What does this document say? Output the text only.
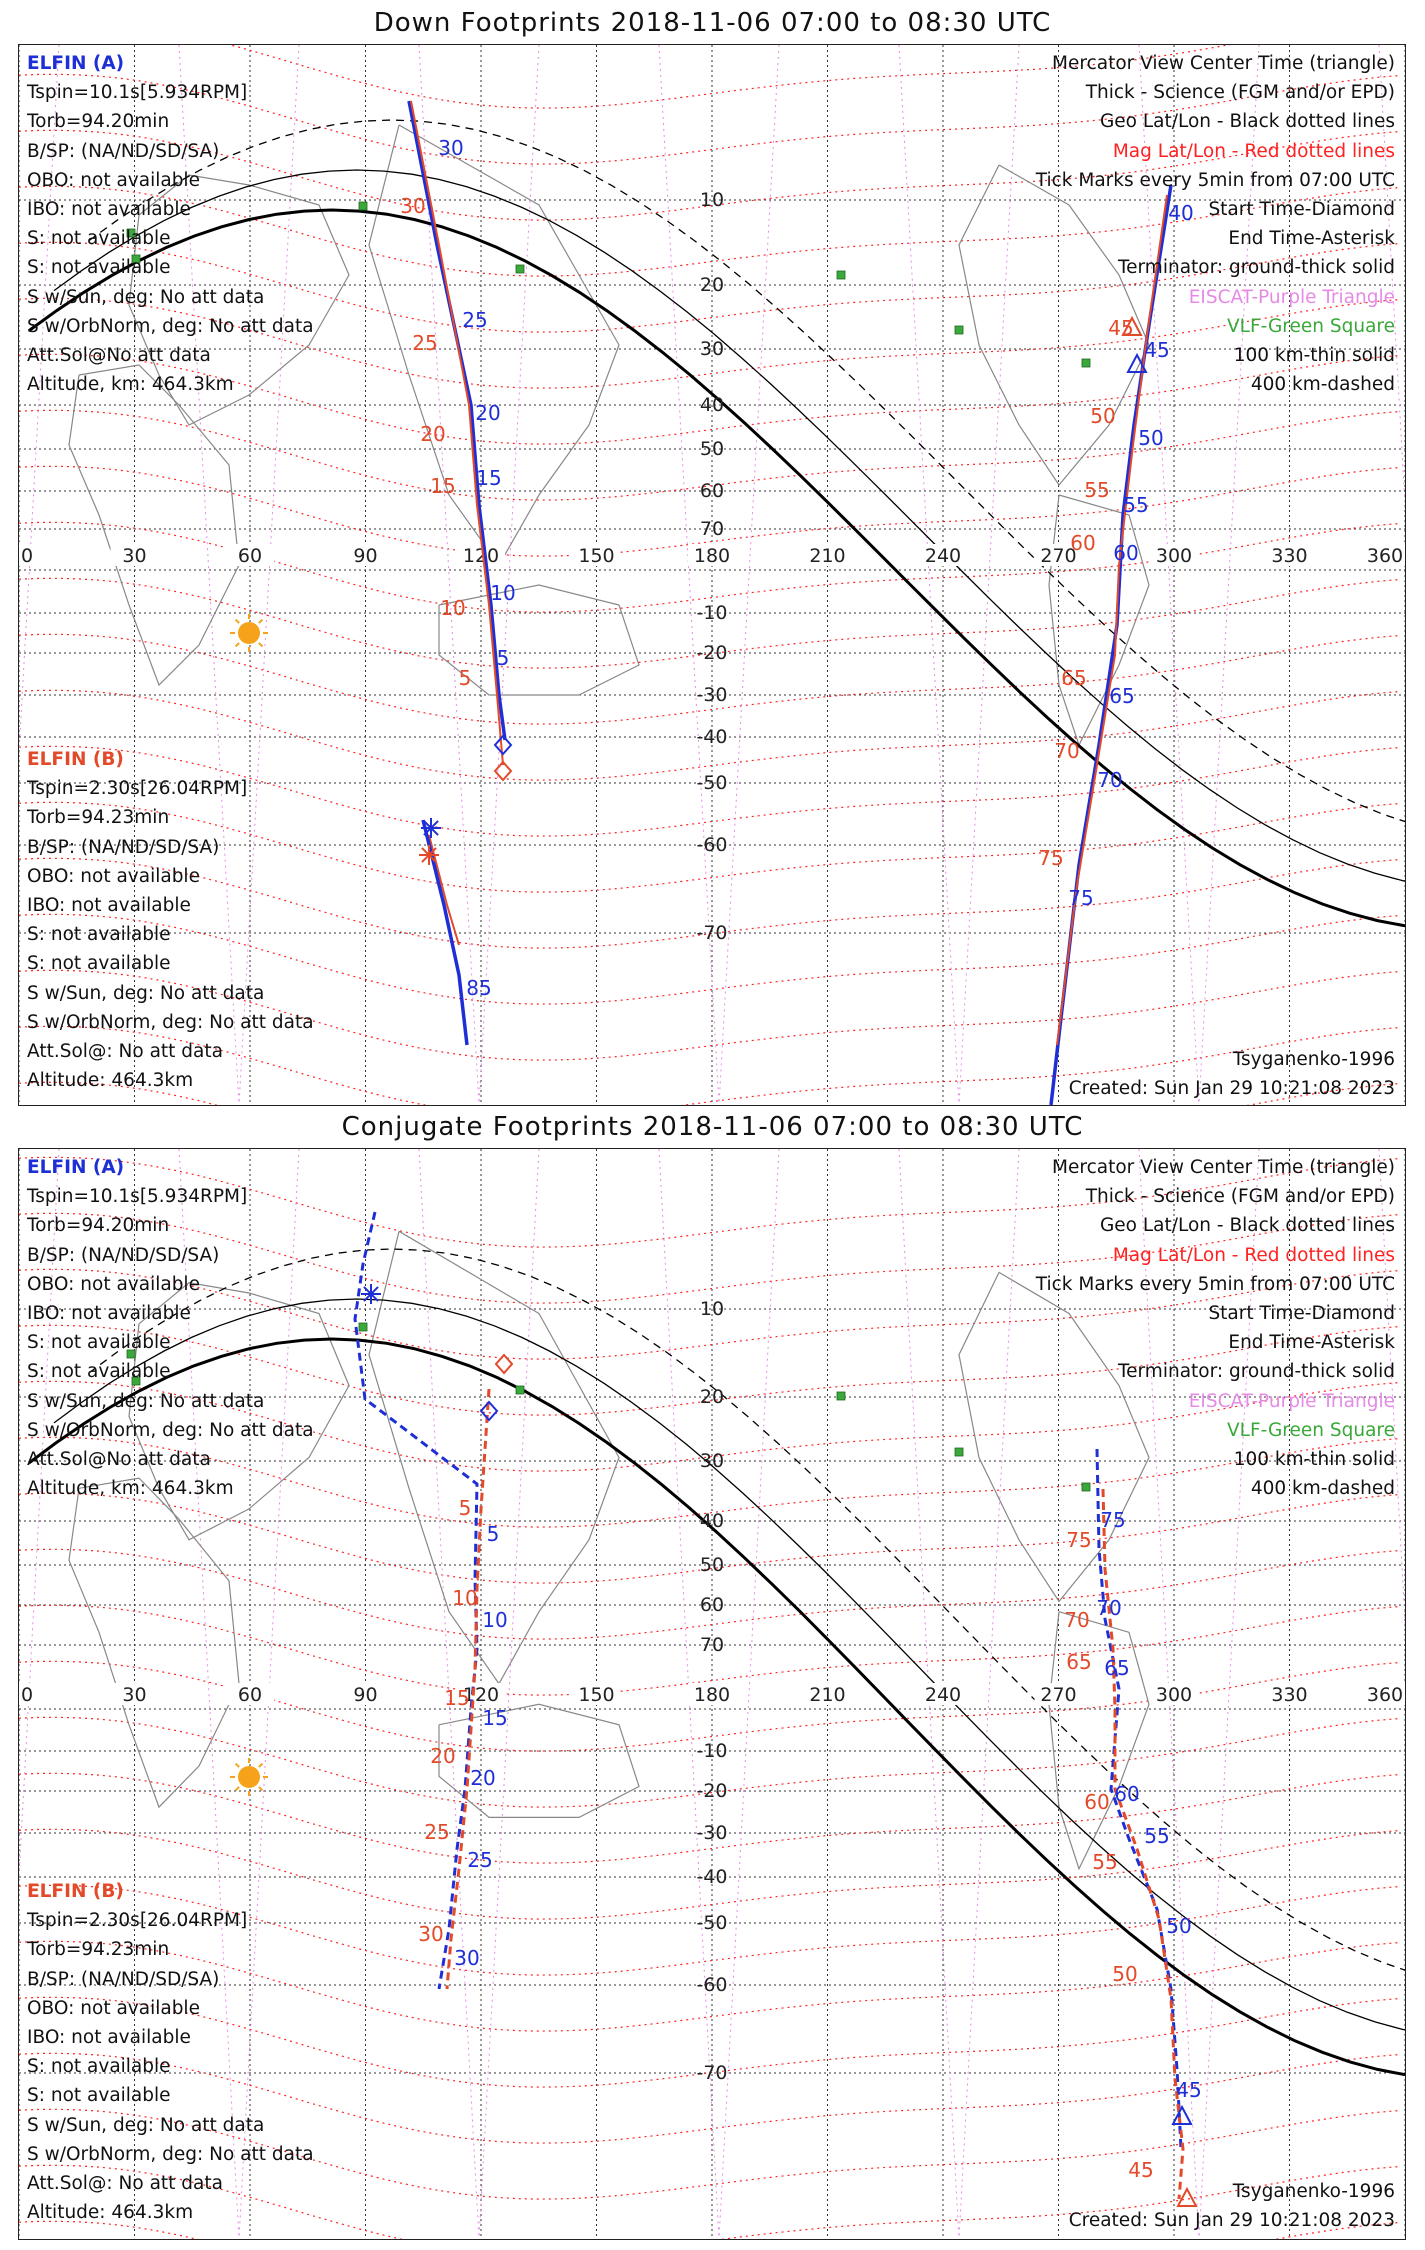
Down Footprints 2018-11-06 07:00 to 08:30 UTC
0	30	60	90	120	150	180	210	240	270	300	330	360
70
60
50
40
30
20
10
-10
-20
-30
-40
-50
-60
-70
30
25
20
15
10
5
40
45
50
55
60
65
70
75
85
30
25
20
15
10
5
45
50
55
60
65
70
75
ELFIN (A)
Tspin=10.1s[5.934RPM]
Torb=94.20min
B/SP: (NA/ND/SD/SA)
OBO: not available
IBO: not available
S: not available
S: not available
S w/Sun, deg: No att data
S w/OrbNorm, deg: No att data
Att.Sol@No att data
Altitude, km: 464.3km
Mercator View Center Time (triangle)
Thick - Science (FGM and/or EPD)
Geo Lat/Lon - Black dotted lines
Mag Lat/Lon - Red dotted lines
Tick Marks every 5min from 07:00 UTC
Start Time-Diamond
End Time-Asterisk
Terminator: ground-thick solid
EISCAT-Purple Triangle
VLF-Green Square
100 km-thin solid
400 km-dashed
ELFIN (B)
Tspin=2.30s[26.04RPM]
Torb=94.23min
B/SP: (NA/ND/SD/SA)
OBO: not available
IBO: not available
S: not available
S: not available
S w/Sun, deg: No att data
S w/OrbNorm, deg: No att data
Att.Sol@: No att data
Altitude: 464.3km
Tsyganenko-1996
Created: Sun Jan 29 10:21:08 2023
Conjugate Footprints 2018-11-06 07:00 to 08:30 UTC
0	30	60	90	120	150	180	210	240	270	300	330	360
70
60
50
40
30
20
10
-10
-20
-30
-40
-50
-60
-70
5
10
15
20
25
30
75
70
65
60
55
50
45
5
10
15
20
25
30
75
70
65
60
55
50
45
ELFIN (A)
Tspin=10.1s[5.934RPM]
Torb=94.20min
B/SP: (NA/ND/SD/SA)
OBO: not available
IBO: not available
S: not available
S: not available
S w/Sun, deg: No att data
S w/OrbNorm, deg: No att data
Att.Sol@No att data
Altitude, km: 464.3km
Mercator View Center Time (triangle)
Thick - Science (FGM and/or EPD)
Geo Lat/Lon - Black dotted lines
Mag Lat/Lon - Red dotted lines
Tick Marks every 5min from 07:00 UTC
Start Time-Diamond
End Time-Asterisk
Terminator: ground-thick solid
EISCAT-Purple Triangle
VLF-Green Square
100 km-thin solid
400 km-dashed
ELFIN (B)
Tspin=2.30s[26.04RPM]
Torb=94.23min
B/SP: (NA/ND/SD/SA)
OBO: not available
IBO: not available
S: not available
S: not available
S w/Sun, deg: No att data
S w/OrbNorm, deg: No att data
Att.Sol@: No att data
Altitude: 464.3km
Tsyganenko-1996
Created: Sun Jan 29 10:21:08 2023
